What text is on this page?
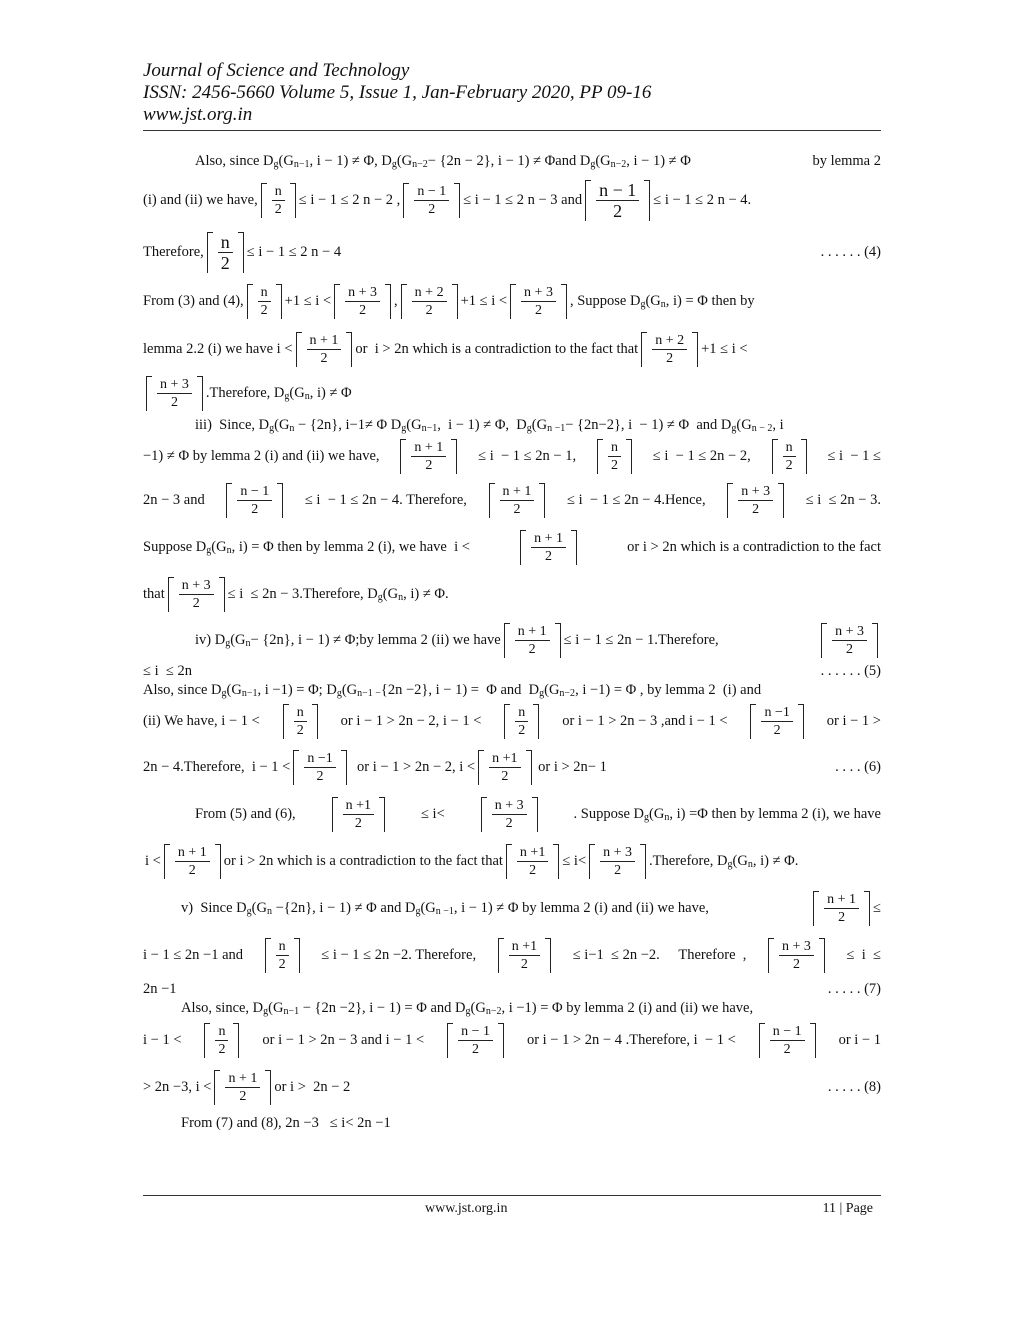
Journal of Science and Technology
ISSN: 2456-5660 Volume 5, Issue 1, Jan-February 2020, PP 09-16
www.jst.org.in
Also, since $D_g(G_{n-1}$, i − 1) ≠ Φ, $D_g(G_{n-2}- \{2n - 2\}$, i − 1) ≠ Φand $D_g(G_{n-2}$, i − 1) ≠ Φ	by lemma 2
(i) and (ii) we have, $\frac{n}{2} \le i - 1 \le 2$ n − 2 , $\frac{n - 1}{2} \le i - 1 \le 2$ n − 3 and $\frac{n - 1}{2} \le i - 1 \le 2$ n − 4.
Therefore, $\frac{n}{2} \le i - 1 \le 2$ n − 4	. . . . . . (4)
From (3) and (4), $\frac{n}{2} +1 \le i < \frac{n + 3}{2}$ , $\frac{n + 2}{2} +1 \le i < \frac{n + 3}{2}$ , Suppose $D_g(G_n$, i) = Φ then by
lemma 2.2 (i) we have $i < \frac{n + 1}{2}$ or  i > 2n which is a contradiction to the fact that $\frac{n + 2}{2} +1 \le i$ <
$\frac{n + 3}{2}$ .Therefore, $D_g(G_n$, i) ≠ Φ
iii)  Since, $D_g(G_n - \{2n\}$, i−1≠ Φ $D_g(G_{n-1}$,  i − 1) ≠ Φ,  $D_g(G_{n -1}- \{2n-2\}$, i  − 1) ≠ Φ  and $D_g(G_{n - 2}$, i
−1) ≠ Φ by lemma 2 (i) and (ii) we have, $\frac{n + 1}{2} \le i - 1 \le 2n - 1$, $\frac{n}{2} \le i - 1 \le 2n - 2$, $\frac{n}{2} \le i - 1$ ≤
2n − 3 and $\frac{n - 1}{2} \le i - 1 \le 2n - 4$. Therefore, $\frac{n + 1}{2} \le i - 1 \le 2n$ − 4.Hence, $\frac{n + 3}{2} \le i \le 2n - 3$.
Suppose $D_g(G_n$, i) = Φ then by lemma 2 (i), we have  i <	$\frac{n + 1}{2}$	or i > 2n which is a contradiction to the fact
that $\frac{n + 3}{2} \le i \le 2n$ − 3.Therefore, $D_g(G_n$, i) ≠ Φ.
iv) $D_g(G_n- \{2n\}$, i − 1) ≠ Φ;by lemma 2 (ii) we have $\frac{n + 1}{2} \le i - 1 \le 2n$ − 1.Therefore,	$\frac{n + 3}{2}$
≤ i  ≤ 2n	. . . . . . (5)
Also, since $D_g(G_{n-1}$, i −1) = Φ; $D_g(G_{n-1 -}\{2n -2\}$, i − 1) =  Φ and  $D_g(G_{n-2}$, i −1) = Φ , by lemma 2  (i) and
(ii) We have, $i - 1 < \frac{n}{2}$ or i − 1 > 2n − 2, $i - 1 < \frac{n}{2}$ or i − 1 > 2n − 3 ,and $i - 1 < \frac{n -1}{2}$ or i − 1 >
2n − 4.Therefore,  $i - 1 < \frac{n -1}{2}$ or i − 1 > 2n − 2, $i < \frac{n +1}{2}$ or i > 2n− 1	. . . . (6)
From (5) and (6),	$\frac{n +1}{2}$	≤ i<	$\frac{n + 3}{2}$	. Suppose $D_g(G_n$, i) =Φ then by lemma 2 (i), we have
$i < \frac{n + 1}{2}$ or i > 2n which is a contradiction to the fact that $\frac{n +1}{2} \le i< \frac{n + 3}{2}$ .Therefore, $D_g(G_n$, i) ≠ Φ.
v)  Since $D_g(G_n -\{2n\}$, i − 1) ≠ Φ and $D_g(G_{n -1}$, i − 1) ≠ Φ by lemma 2 (i) and (ii) we have,	$\frac{n + 1}{2}$ ≤
i − 1 ≤ 2n −1 and $\frac{n}{2} \le i - 1 \le 2n -2$. Therefore, $\frac{n +1}{2} \le i-1 \le 2n -2$. Therefore  , $\frac{n + 3}{2} \le i$  ≤
2n −1	. . . . . (7)
Also, since, $D_g(G_{n-1} - \{2n -2\}$, i − 1) = Φ and $D_g(G_{n-2}$, i −1) = Φ by lemma 2 (i) and (ii) we have,
$i - 1 < \frac{n}{2}$ or i − 1 > 2n − 3 and $i - 1 < \frac{n - 1}{2}$ or i − 1 > 2n − 4 .Therefore, $i - 1 < \frac{n - 1}{2}$ or i − 1
> 2n −3, $i < \frac{n + 1}{2}$ or i >  2n − 2	. . . . . (8)
From (7) and (8), 2n −3   ≤ i< 2n −1
www.jst.org.in	11 | Page
